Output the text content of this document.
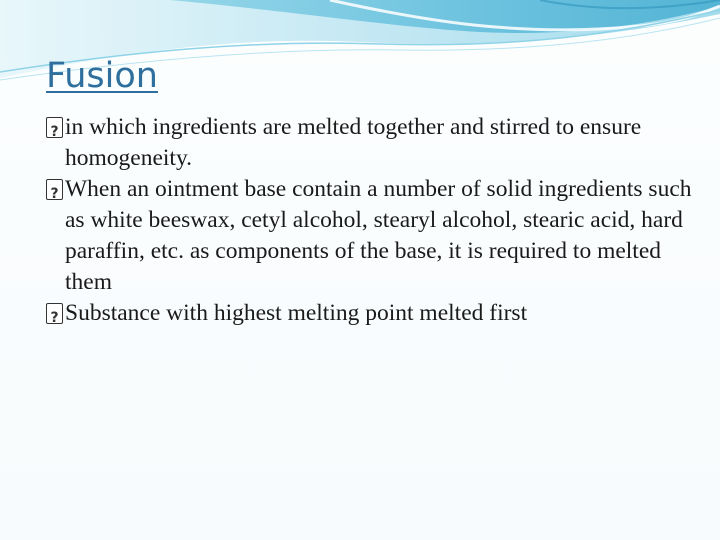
Fusion
?
in which ingredients are melted together and stirred to ensure homogeneity.
?
When an ointment base contain a number of solid ingredients such as white beeswax, cetyl alcohol, stearyl alcohol, stearic acid, hard paraffin, etc. as components of the base, it is required to melted them
?
Substance with highest melting point melted first
